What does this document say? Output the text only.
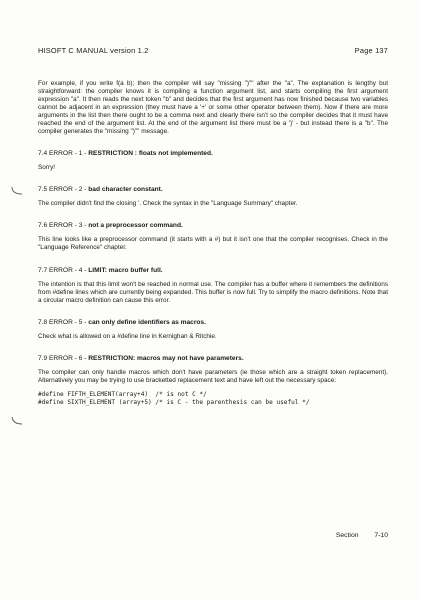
HISOFT C MANUAL version 1.2	Page 137

For example, if you write f(a b); then the compiler will say "missing ")"" after the "a". The explanation is lengthy but straightforward: the compiler knows it is compiling a function argument list, and starts compiling the first argument expression "a". It then reads the next token "b" and decides that the first argument has now finished because two variables cannot be adjacent in an expression (they must have a '+' or some other operator between them). Now if there are more arguments in the list then there ought to be a comma next and clearly there isn't so the compiler decides that it must have reached the end of the argument list. At the end of the argument list there must be a ')' - but instead there is a "b". The compiler generates the "missing ")"" message.

7.4 ERROR - 1 - RESTRICTION : floats not implemented.

Sorry!

7.5 ERROR - 2 - bad character constant.

The compiler didn't find the closing '. Check the syntax in the "Language Summary" chapter.

7.6 ERROR - 3 - not a preprocessor command.

This line looks like a preprocessor command (it starts with a #) but it isn't one that the compiler recognises. Check in the "Language Reference" chapter.

7.7 ERROR - 4 - LIMIT: macro buffer full.

The intention is that this limit won't be reached in normal use. The compiler has a buffer where it remembers the definitions from #define lines which are currently being expanded. This buffer is now full. Try to simplify the macro definitions. Note that a circular macro definition can cause this error.

7.8 ERROR - 5 - can only define identifiers as macros.

Check what is allowed on a #define line in Kernighan & Ritchie.

7.9 ERROR - 6 - RESTRICTION: macros may not have parameters.

The compiler can only handle macros which don't have parameters (ie those which are a straight token replacement). Alternatively you may be trying to use bracketted replacement text and have left out the necessary space:

#define FIFTH_ELEMENT(array+4)  /* is not C */

#define SIXTH_ELEMENT (array+5) /* is C - the parenthesis can be useful */

Section 7-10
